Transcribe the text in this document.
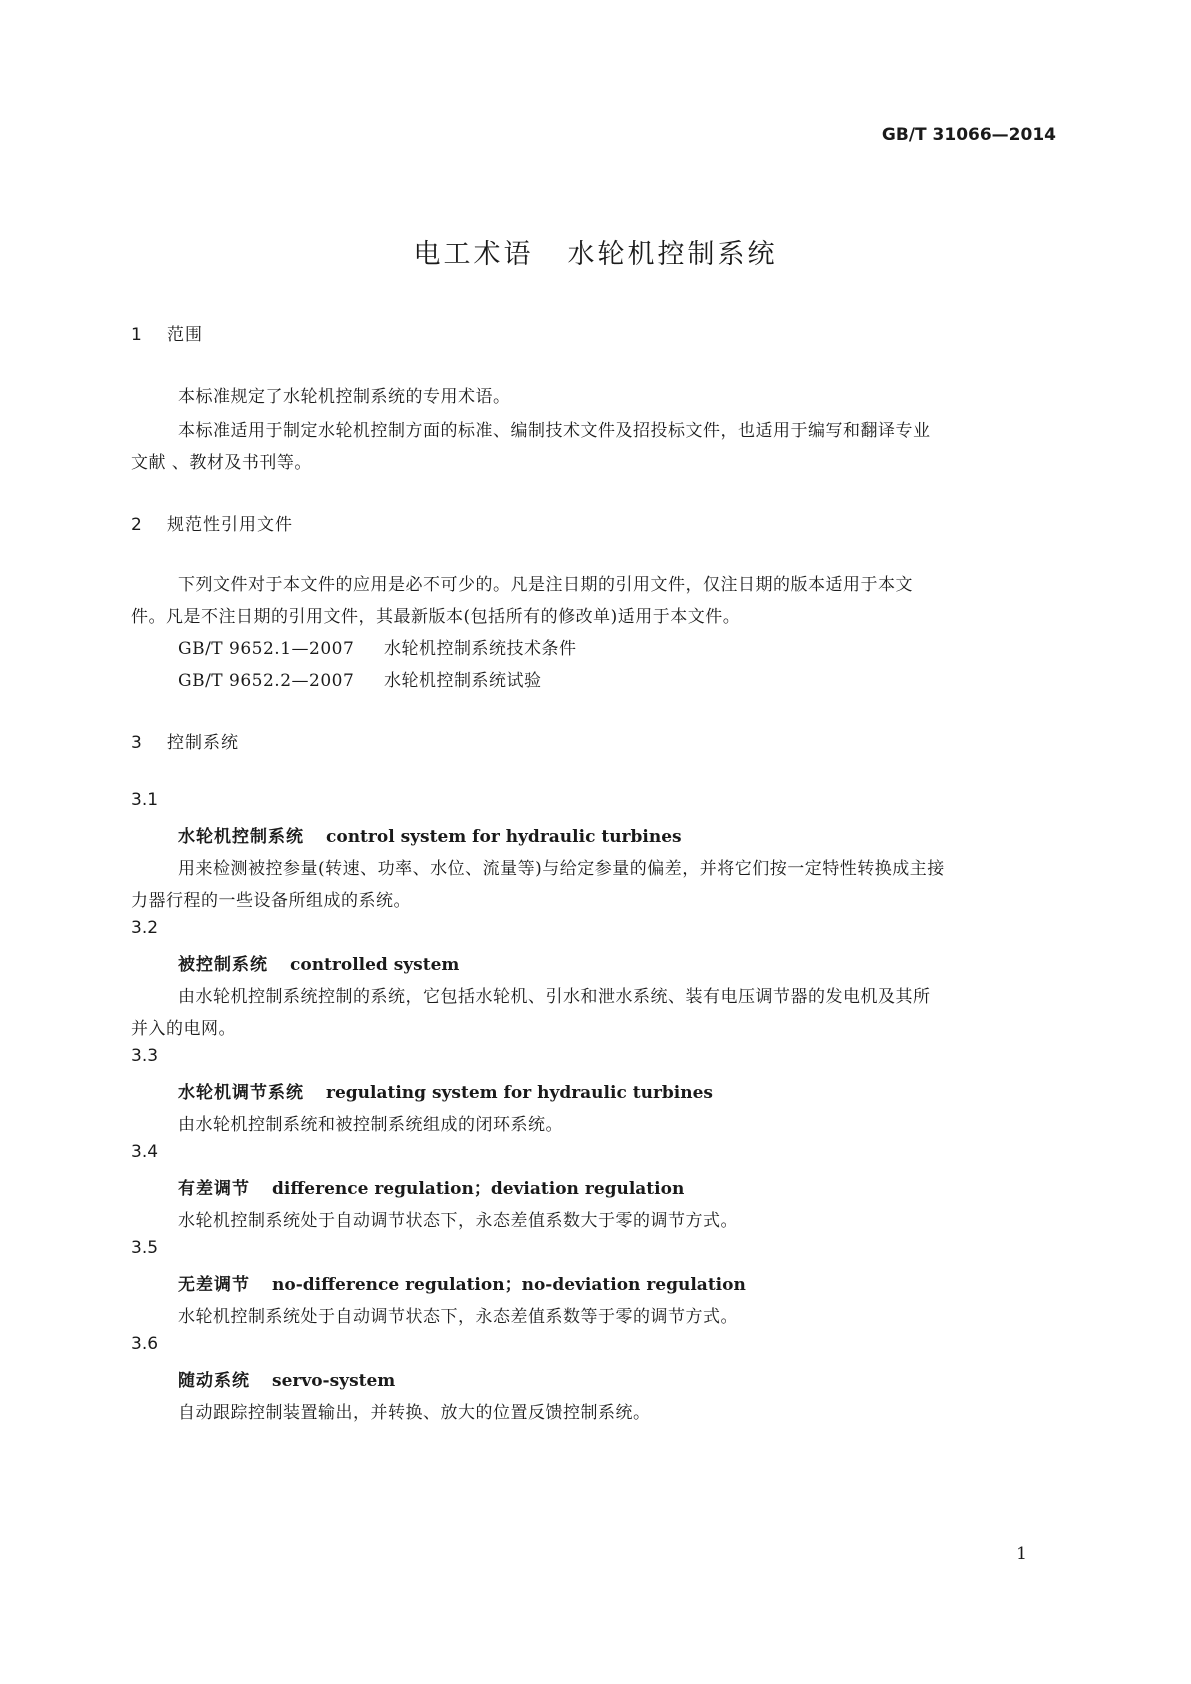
GB/T 31066—2014
电工术语 水轮机控制系统
1 范围
本标准规定了水轮机控制系统的专用术语。
本标准适用于制定水轮机控制方面的标准、编制技术文件及招投标文件，也适用于编写和翻译专业
文献 、教材及书刊等。
2 规范性引用文件
下列文件对于本文件的应用是必不可少的。凡是注日期的引用文件，仅注日期的版本适用于本文
件。凡是不注日期的引用文件，其最新版本(包括所有的修改单)适用于本文件。
GB/T 9652.1—2007 水轮机控制系统技术条件
GB/T 9652.2—2007 水轮机控制系统试验
3 控制系统
3.1
水轮机控制系统 control system for hydraulic turbines
用来检测被控参量(转速、功率、水位、流量等)与给定参量的偏差，并将它们按一定特性转换成主接
力器行程的一些设备所组成的系统。
3.2
被控制系统 controlled system
由水轮机控制系统控制的系统，它包括水轮机、引水和泄水系统、装有电压调节器的发电机及其所
并入的电网。
3.3
水轮机调节系统 regulating system for hydraulic turbines
由水轮机控制系统和被控制系统组成的闭环系统。
3.4
有差调节 difference regulation；deviation regulation
水轮机控制系统处于自动调节状态下，永态差值系数大于零的调节方式。
3.5
无差调节 no-difference regulation；no-deviation regulation
水轮机控制系统处于自动调节状态下，永态差值系数等于零的调节方式。
3.6
随动系统 servo-system
自动跟踪控制装置输出，并转换、放大的位置反馈控制系统。
1
